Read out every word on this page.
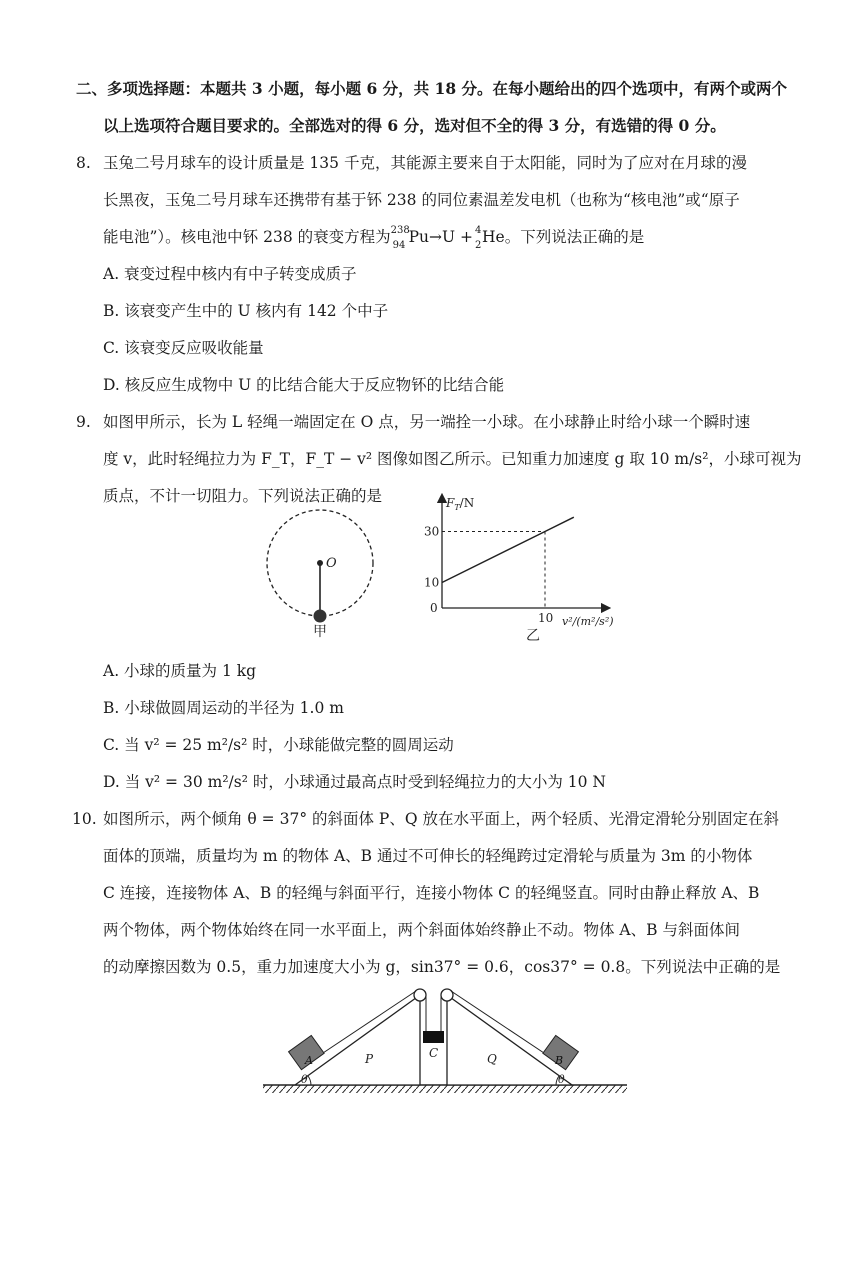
二、多项选择题：本题共 3 小题，每小题 6 分，共 18 分。在每小题给出的四个选项中，有两个或两个
以上选项符合题目要求的。全部选对的得 6 分，选对但不全的得 3 分，有选错的得 0 分。
8. 玉兔二号月球车的设计质量是 135 千克，其能源主要来自于太阳能，同时为了应对在月球的漫
长黑夜，玉兔二号月球车还携带有基于钚 238 的同位素温差发电机（也称为“核电池”或“原子
能电池”）。核电池中钚 238 的衰变方程为 238
94 Pu→U + 4
2 He。下列说法正确的是
A. 衰变过程中核内有中子转变成质子
B. 该衰变产生中的 U 核内有 142 个中子
C. 该衰变反应吸收能量
D. 核反应生成物中 U 的比结合能大于反应物钚的比结合能
9. 如图甲所示，长为 L 轻绳一端固定在 O 点，另一端拴一小球。在小球静止时给小球一个瞬时速
度 v，此时轻绳拉力为 F_T，F_T − v² 图像如图乙所示。已知重力加速度 g 取 10 m/s²，小球可视为
质点，不计一切阻力。下列说法正确的是
O
甲
$F_T/N$
v²/(m²/s²)
0
10
30
10
乙
A. 小球的质量为 1 kg
B. 小球做圆周运动的半径为 1.0 m
C. 当 v² = 25 m²/s² 时，小球能做完整的圆周运动
D. 当 v² = 30 m²/s² 时，小球通过最高点时受到轻绳拉力的大小为 10 N
10. 如图所示，两个倾角 θ = 37° 的斜面体 P、Q 放在水平面上，两个轻质、光滑定滑轮分别固定在斜
面体的顶端，质量均为 m 的物体 A、B 通过不可伸长的轻绳跨过定滑轮与质量为 3m 的小物体
C 连接，连接物体 A、B 的轻绳与斜面平行，连接小物体 C 的轻绳竖直。同时由静止释放 A、B
两个物体，两个物体始终在同一水平面上，两个斜面体始终静止不动。物体 A、B 与斜面体间
的动摩擦因数为 0.5，重力加速度大小为 g，sin37° = 0.6，cos37° = 0.8。下列说法中正确的是
C
A	B
P	Q
θ	θ
